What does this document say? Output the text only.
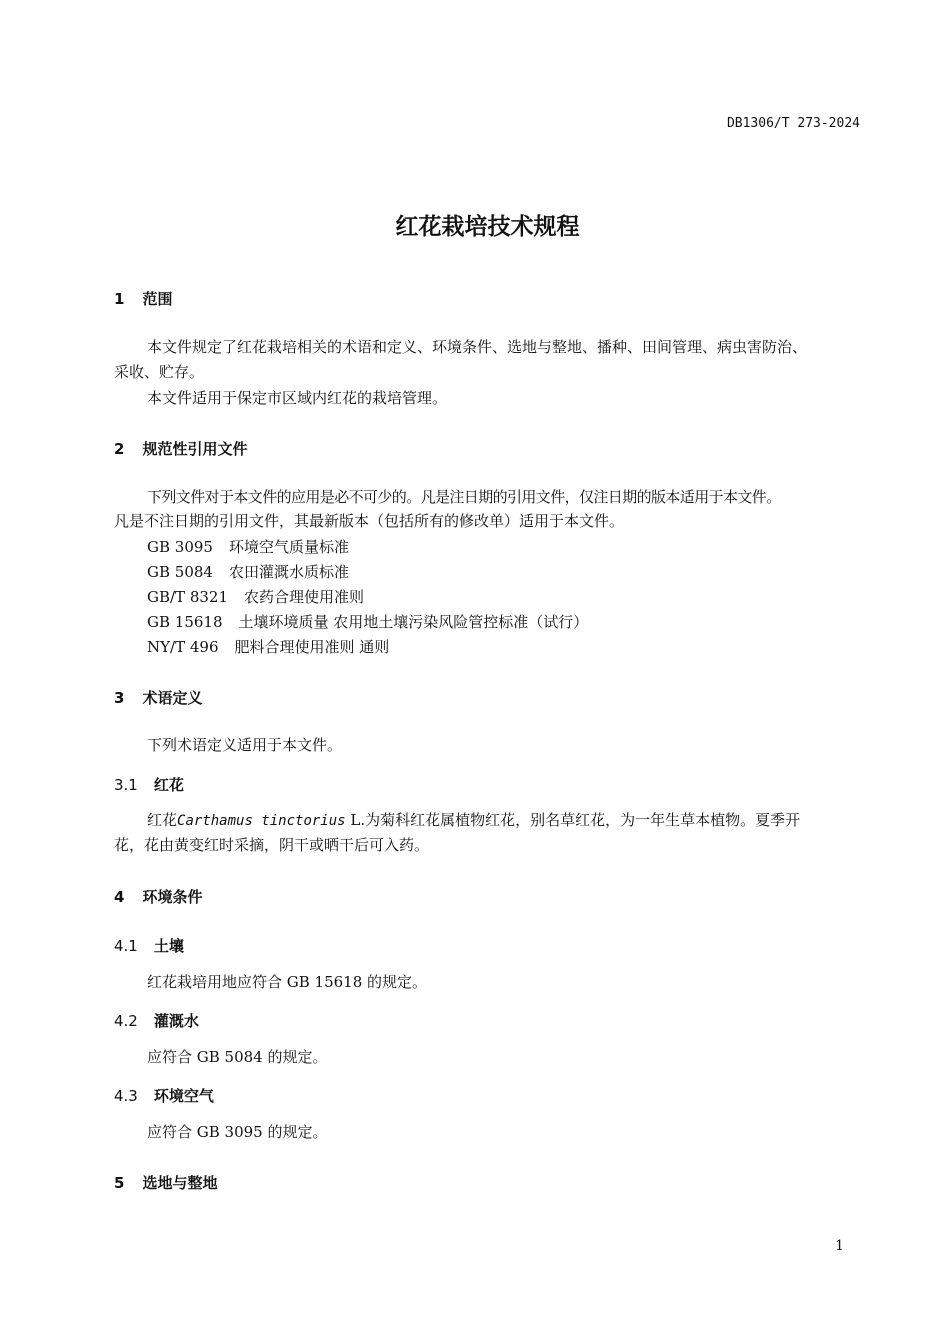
DB1306/T 273-2024
红花栽培技术规程
1 范围
本文件规定了红花栽培相关的术语和定义、环境条件、选地与整地、播种、田间管理、病虫害防治、
采收、贮存。
本文件适用于保定市区域内红花的栽培管理。
2 规范性引用文件
下列文件对于本文件的应用是必不可少的。凡是注日期的引用文件，仅注日期的版本适用于本文件。
凡是不注日期的引用文件，其最新版本（包括所有的修改单）适用于本文件。
GB 3095 环境空气质量标准
GB 5084 农田灌溉水质标准
GB/T 8321 农药合理使用准则
GB 15618 土壤环境质量 农用地土壤污染风险管控标准（试行）
NY/T 496 肥料合理使用准则 通则
3 术语定义
下列术语定义适用于本文件。
3.1 红花
红花Carthamus tinctorius L.为菊科红花属植物红花，别名草红花，为一年生草本植物。夏季开
花，花由黄变红时采摘，阴干或晒干后可入药。
4 环境条件
4.1 土壤
红花栽培用地应符合 GB 15618 的规定。
4.2 灌溉水
应符合 GB 5084 的规定。
4.3 环境空气
应符合 GB 3095 的规定。
5 选地与整地
1
